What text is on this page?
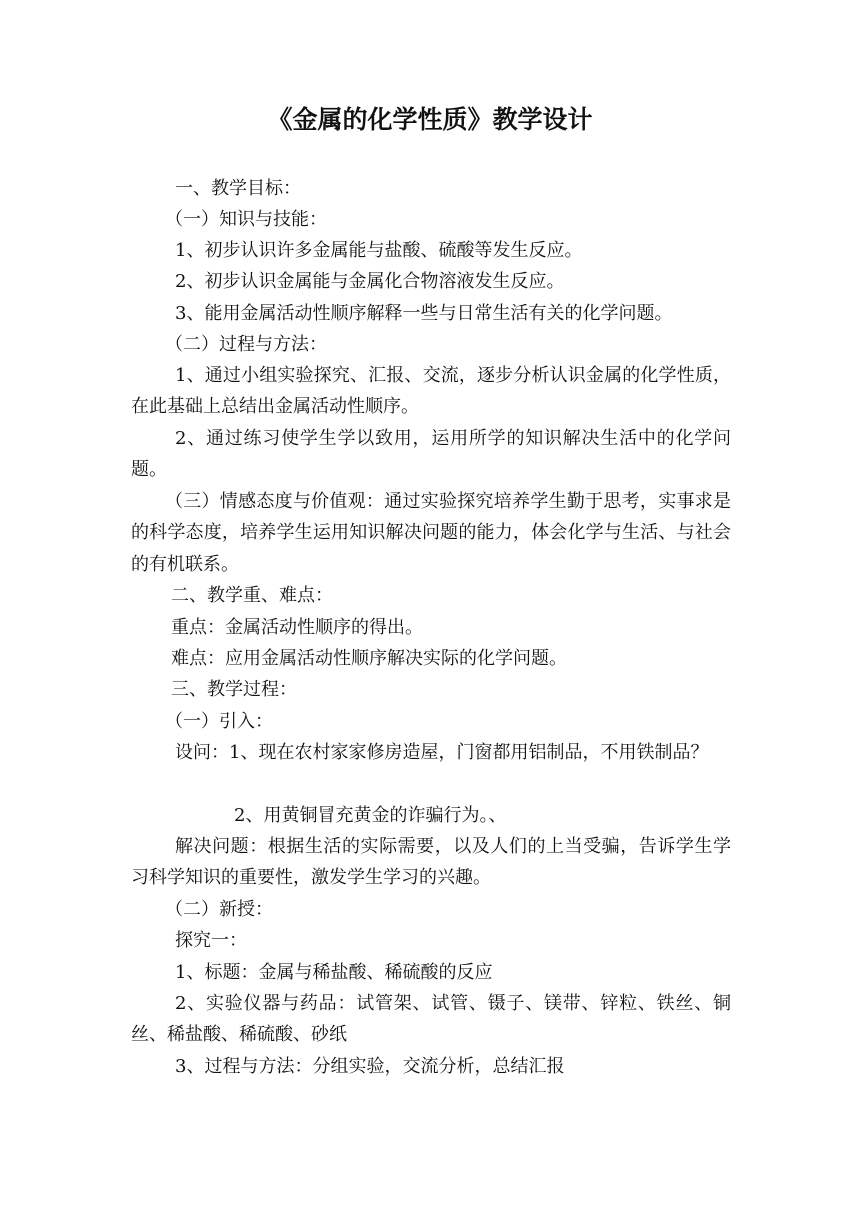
《金属的化学性质》教学设计
一、教学目标：
（一）知识与技能：
1、初步认识许多金属能与盐酸、硫酸等发生反应。
2、初步认识金属能与金属化合物溶液发生反应。
3、能用金属活动性顺序解释一些与日常生活有关的化学问题。
（二）过程与方法：
1、通过小组实验探究、汇报、交流，逐步分析认识金属的化学性质，在此基础上总结出金属活动性顺序。
2、通过练习使学生学以致用，运用所学的知识解决生活中的化学问题。
（三）情感态度与价值观：通过实验探究培养学生勤于思考，实事求是的科学态度，培养学生运用知识解决问题的能力，体会化学与生活、与社会的有机联系。
二、教学重、难点：
重点：金属活动性顺序的得出。
难点：应用金属活动性顺序解决实际的化学问题。
三、教学过程：
（一）引入：
设问：1、现在农村家家修房造屋，门窗都用铝制品，不用铁制品？
2、用黄铜冒充黄金的诈骗行为。、
解决问题：根据生活的实际需要，以及人们的上当受骗，告诉学生学习科学知识的重要性，激发学生学习的兴趣。
（二）新授：
探究一：
1、标题：金属与稀盐酸、稀硫酸的反应
2、实验仪器与药品：试管架、试管、镊子、镁带、锌粒、铁丝、铜丝、稀盐酸、稀硫酸、砂纸
3、过程与方法：分组实验，交流分析，总结汇报
